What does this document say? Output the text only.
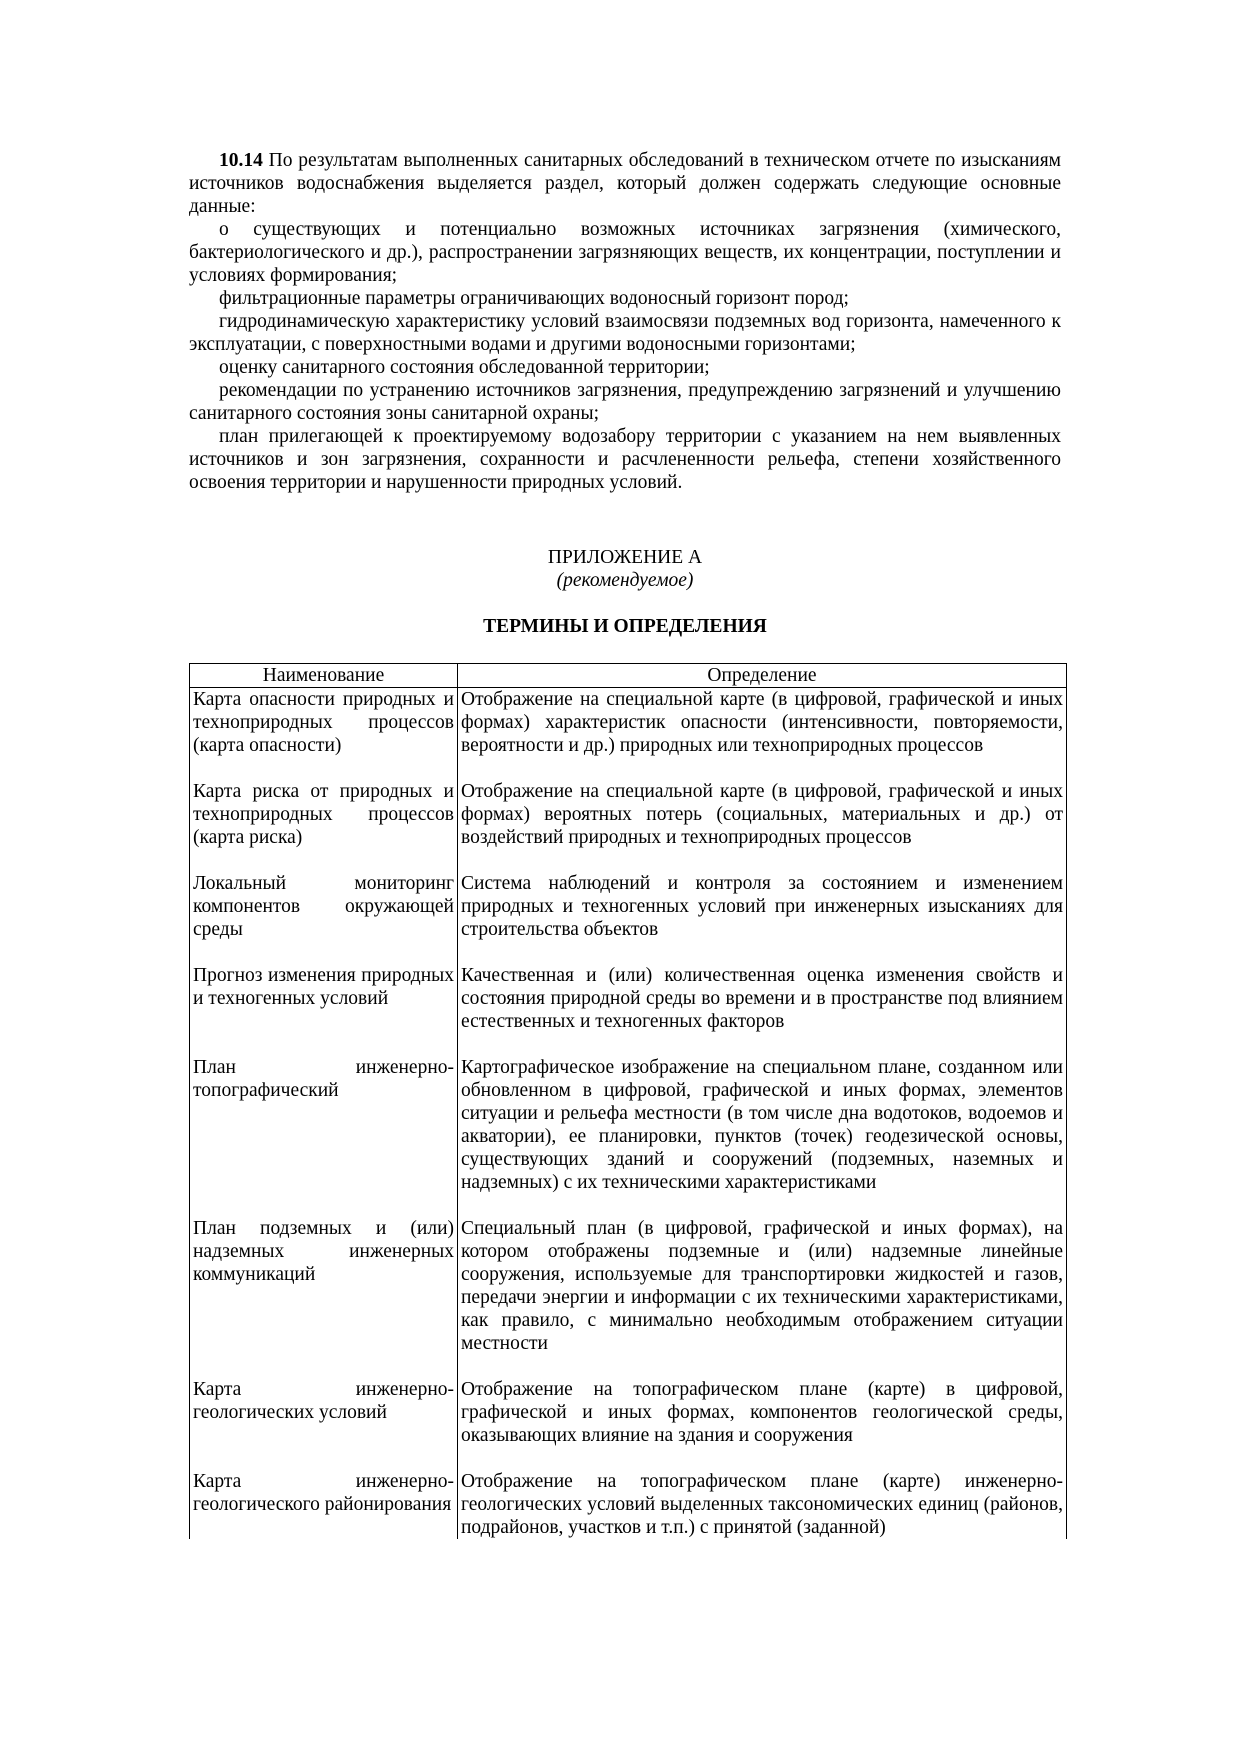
10.14 По результатам выполненных санитарных обследований в техническом отчете по изысканиям источников водоснабжения выделяется раздел, который должен содержать следующие основные данные:

о существующих и потенциально возможных источниках загрязнения (химического, бактериологического и др.), распространении загрязняющих веществ, их концентрации, поступлении и условиях формирования;

фильтрационные параметры ограничивающих водоносный горизонт пород;

гидродинамическую характеристику условий взаимосвязи подземных вод горизонта, намеченного к эксплуатации, с поверхностными водами и другими водоносными горизонтами;

оценку санитарного состояния обследованной территории;

рекомендации по устранению источников загрязнения, предупреждению загрязнений и улучшению санитарного состояния зоны санитарной охраны;

план прилегающей к проектируемому водозабору территории с указанием на нем выявленных источников и зон загрязнения, сохранности и расчлененности рельефа, степени хозяйственного освоения территории и нарушенности природных условий.

ПРИЛОЖЕНИЕ А

(рекомендуемое)

ТЕРМИНЫ И ОПРЕДЕЛЕНИЯ

Наименование	Определение
Карта опасности природных и техноприродных процессов (карта опасности)	Отображение на специальной карте (в цифровой, графической и иных формах) характеристик опасности (интенсивности, повторяемости, вероятности и др.) природных или техноприродных процессов
Карта риска от природных и техноприродных процессов (карта риска)	Отображение на специальной карте (в цифровой, графической и иных формах) вероятных потерь (социальных, материальных и др.) от воздействий природных и техноприродных процессов
Локальный мониторинг компонентов окружающей среды	Система наблюдений и контроля за состоянием и изменением природных и техногенных условий при инженерных изысканиях для строительства объектов
Прогноз изменения природных и техногенных условий	Качественная и (или) количественная оценка изменения свойств и состояния природной среды во времени и в пространстве под влиянием естественных и техногенных факторов
План инженерно-топографический	Картографическое изображение на специальном плане, созданном или обновленном в цифровой, графической и иных формах, элементов ситуации и рельефа местности (в том числе дна водотоков, водоемов и акватории), ее планировки, пунктов (точек) геодезической основы, существующих зданий и сооружений (подземных, наземных и надземных) с их техническими характеристиками
План подземных и (или) надземных инженерных коммуникаций	Специальный план (в цифровой, графической и иных формах), на котором отображены подземные и (или) надземные линейные сооружения, используемые для транспортировки жидкостей и газов, передачи энергии и информации с их техническими характеристиками, как правило, с минимально необходимым отображением ситуации местности
Карта инженерно-геологических условий	Отображение на топографическом плане (карте) в цифровой, графической и иных формах, компонентов геологической среды, оказывающих влияние на здания и сооружения
Карта инженерно-геологического районирования	Отображение на топографическом плане (карте) инженерно-геологических условий выделенных таксономических единиц (районов, подрайонов, участков и т.п.) с принятой (заданной)
